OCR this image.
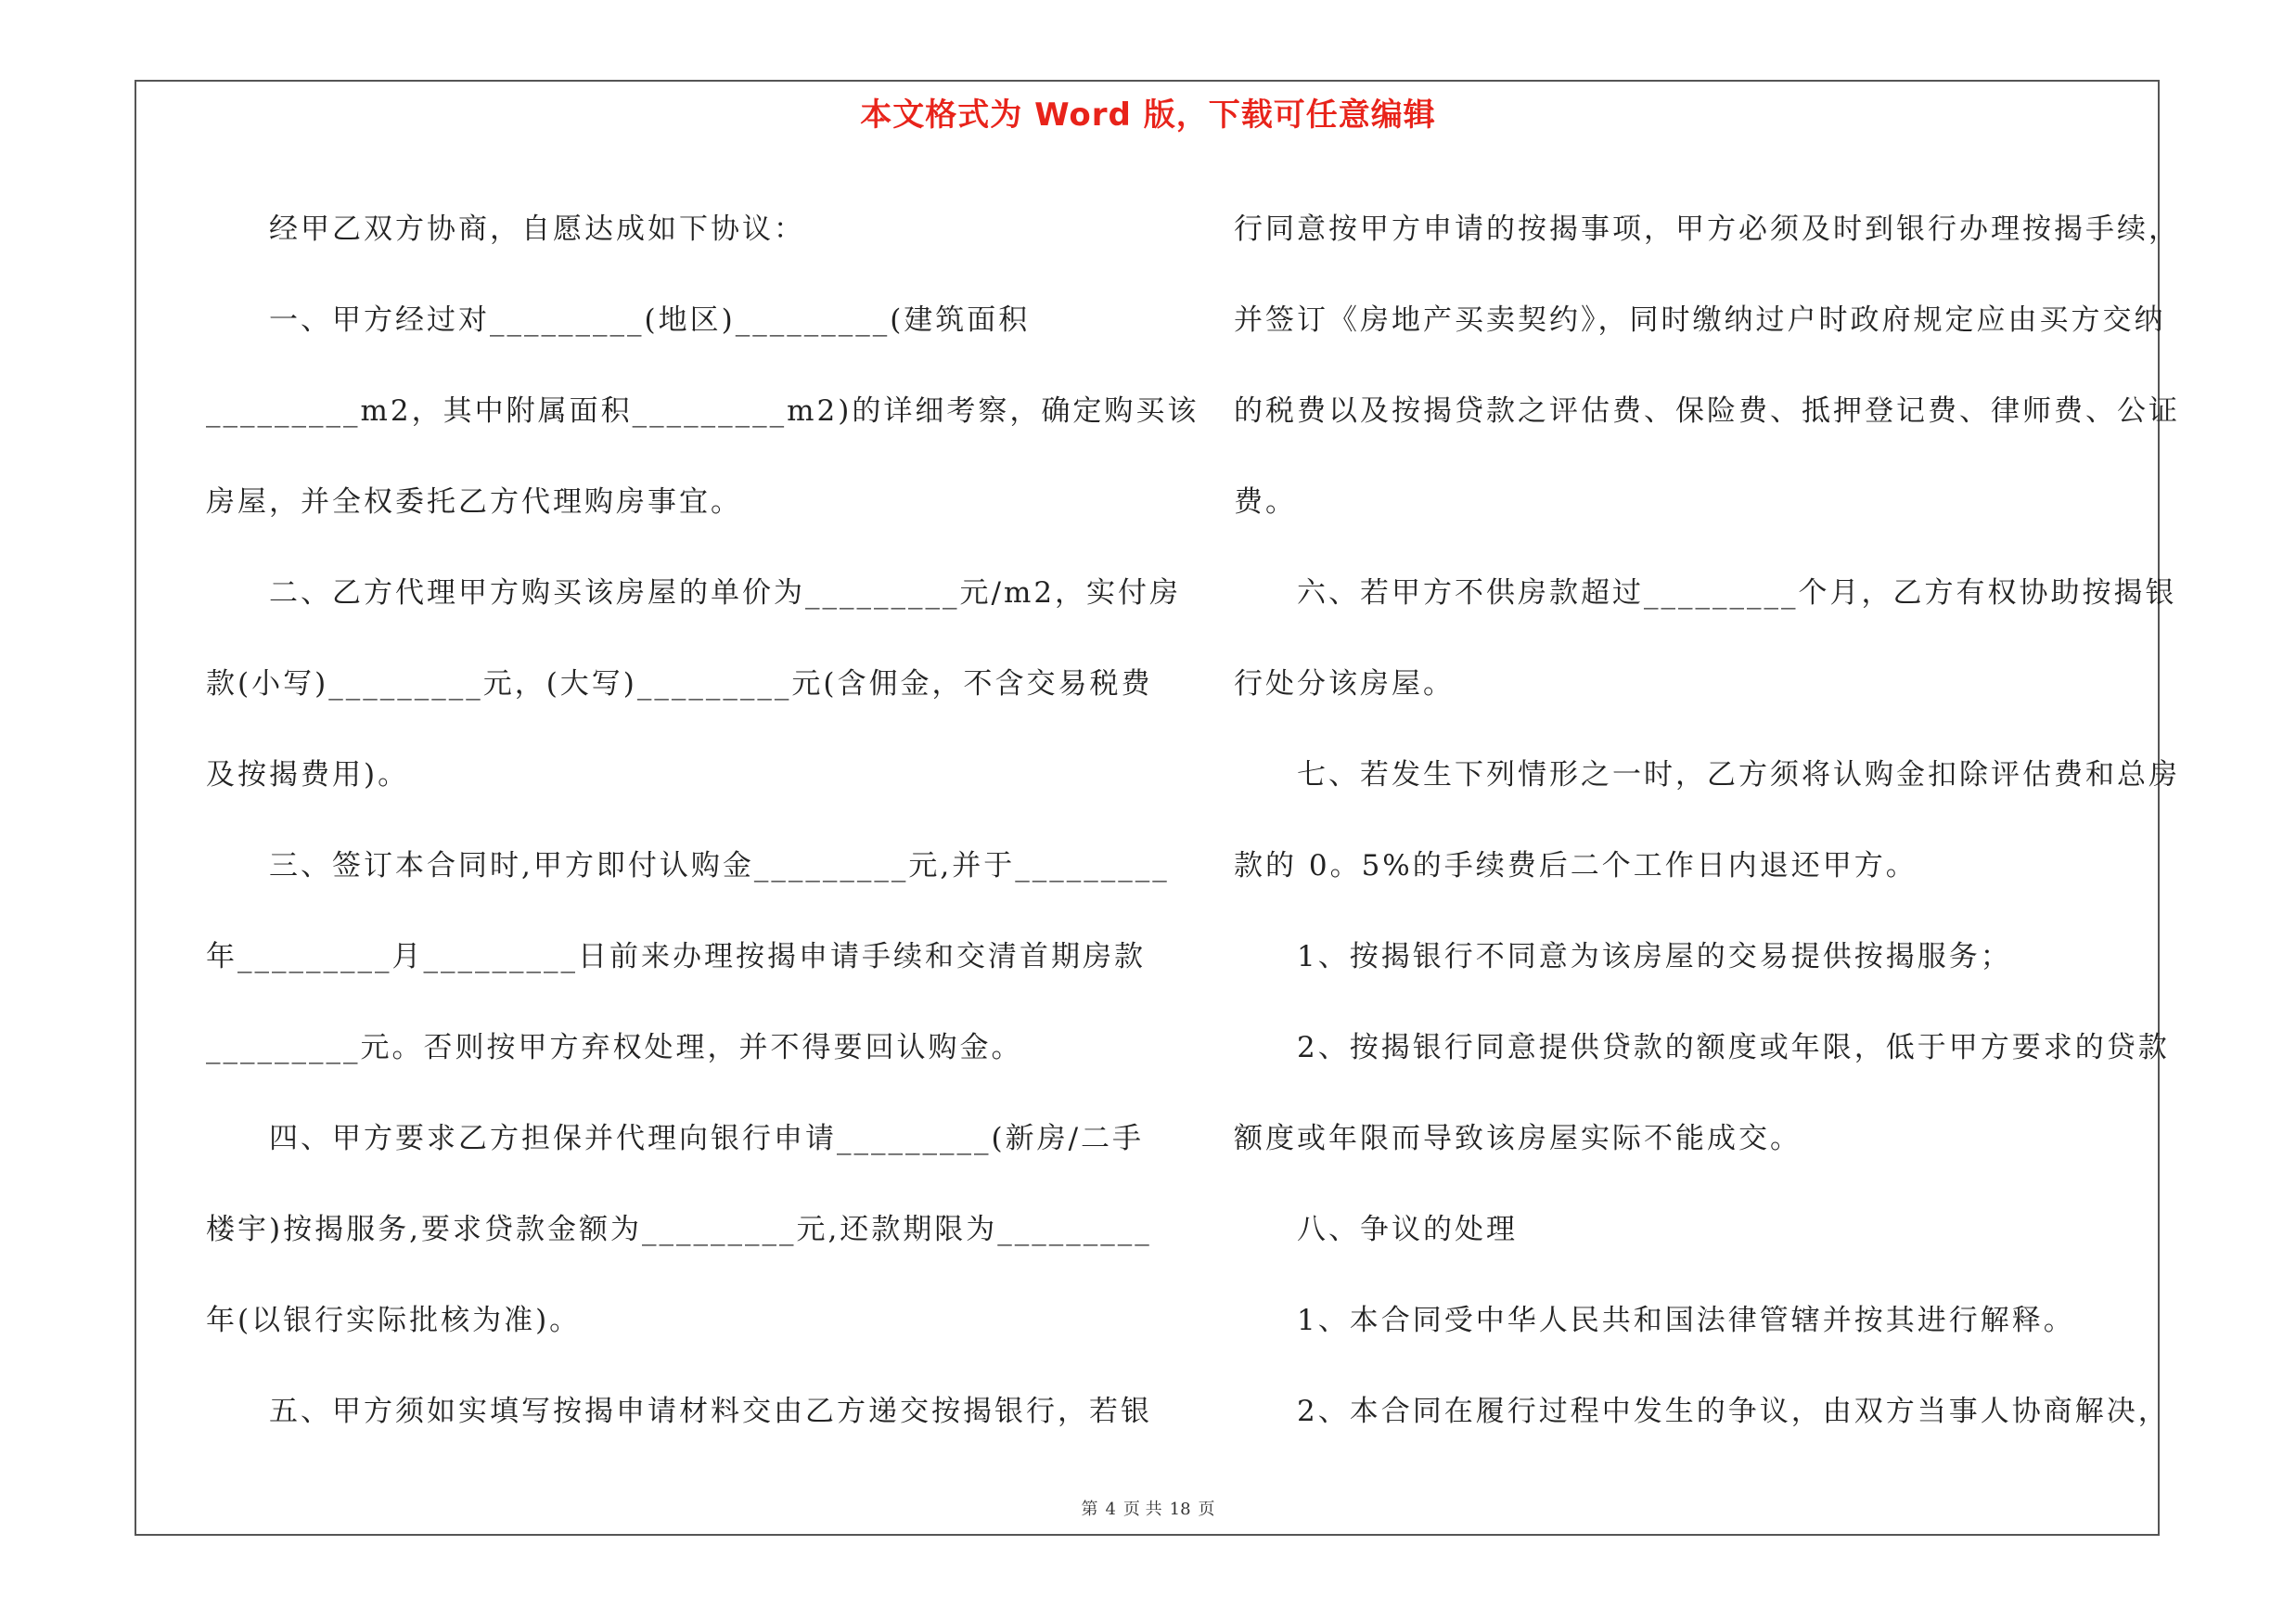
本文格式为 Word 版，下载可任意编辑
经甲乙双方协商，自愿达成如下协议：
一、甲方经过对_________(地区)_________(建筑面积
_________m2，其中附属面积_________m2)的详细考察，确定购买该
房屋，并全权委托乙方代理购房事宜。
二、乙方代理甲方购买该房屋的单价为_________元/m2，实付房
款(小写)_________元，(大写)_________元(含佣金，不含交易税费
及按揭费用)。
三、签订本合同时,甲方即付认购金_________元,并于_________
年_________月_________日前来办理按揭申请手续和交清首期房款
_________元。否则按甲方弃权处理，并不得要回认购金。
四、甲方要求乙方担保并代理向银行申请_________(新房/二手
楼宇)按揭服务,要求贷款金额为_________元,还款期限为_________
年(以银行实际批核为准)。
五、甲方须如实填写按揭申请材料交由乙方递交按揭银行，若银
行同意按甲方申请的按揭事项，甲方必须及时到银行办理按揭手续，
并签订《房地产买卖契约》，同时缴纳过户时政府规定应由买方交纳
的税费以及按揭贷款之评估费、保险费、抵押登记费、律师费、公证
费。
六、若甲方不供房款超过_________个月，乙方有权协助按揭银
行处分该房屋。
七、若发生下列情形之一时，乙方须将认购金扣除评估费和总房
款的 0。5%的手续费后二个工作日内退还甲方。
1、按揭银行不同意为该房屋的交易提供按揭服务；
2、按揭银行同意提供贷款的额度或年限，低于甲方要求的贷款
额度或年限而导致该房屋实际不能成交。
八、争议的处理
1、本合同受中华人民共和国法律管辖并按其进行解释。
2、本合同在履行过程中发生的争议，由双方当事人协商解决，
第 4 页 共 18 页
